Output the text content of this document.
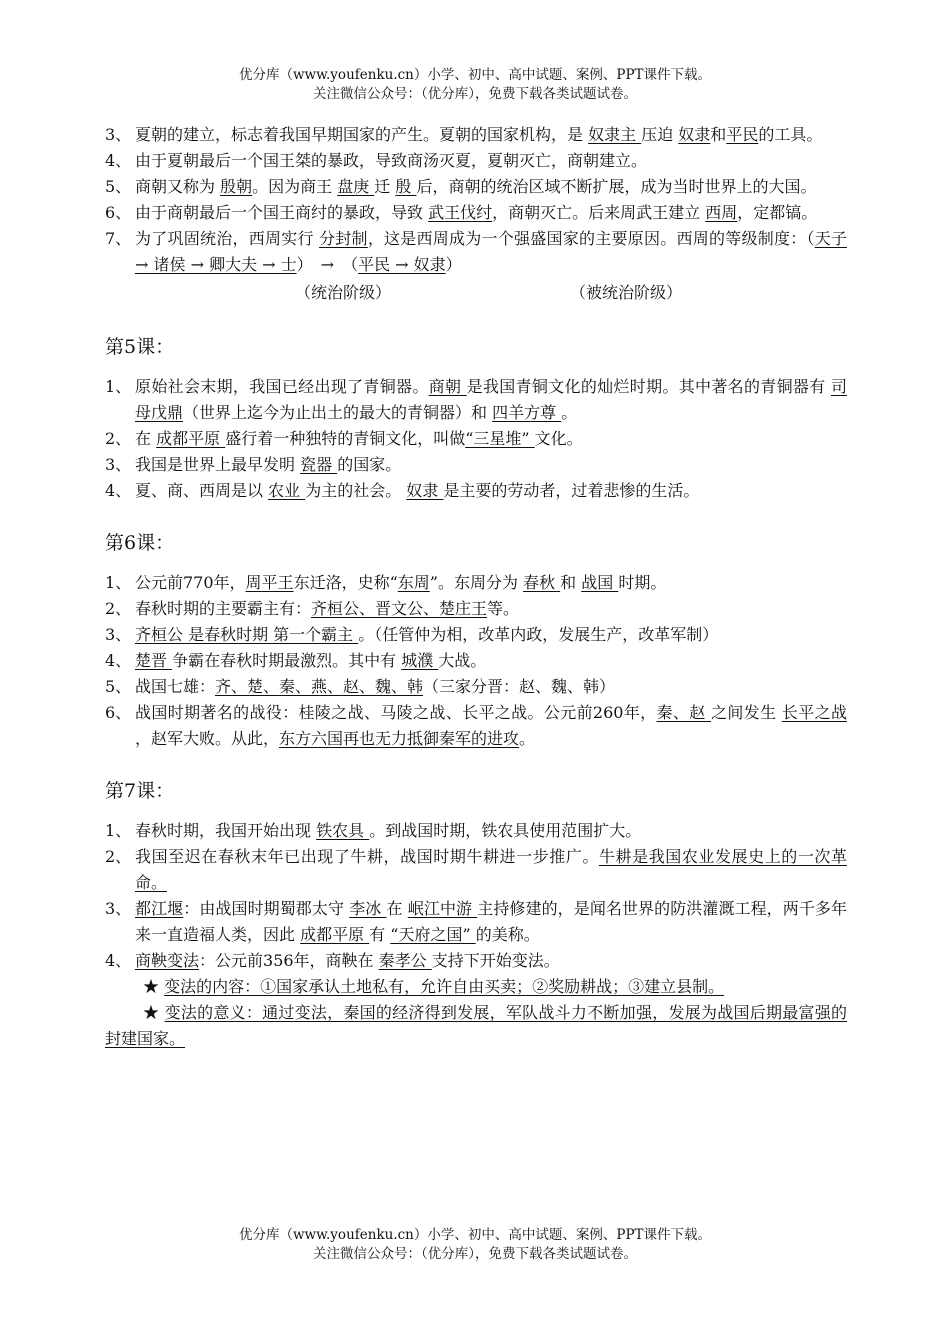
优分库（www.youfenku.cn）小学、初中、高中试题、案例、PPT课件下载。
关注微信公众号：（优分库），免费下载各类试题试卷。
3、 夏朝的建立，标志着我国早期国家的产生。夏朝的国家机构，是 奴隶主 压迫 奴隶和平民的工具。
4、 由于夏朝最后一个国王桀的暴政，导致商汤灭夏，夏朝灭亡，商朝建立。
5、 商朝又称为 殷朝。因为商王 盘庚 迁 殷 后，商朝的统治区域不断扩展，成为当时世界上的大国。
6、 由于商朝最后一个国王商纣的暴政，导致 武王伐纣，商朝灭亡。后来周武王建立 西周，定都镐。
7、 为了巩固统治，西周实行 分封制，这是西周成为一个强盛国家的主要原因。西周的等级制度：（天子 → 诸侯 → 卿大夫 → 士）　→　（平民 → 奴隶）
（统治阶级）	（被统治阶级）
第5课：
1、 原始社会末期，我国已经出现了青铜器。商朝 是我国青铜文化的灿烂时期。其中著名的青铜器有 司母戊鼎（世界上迄今为止出土的最大的青铜器）和 四羊方尊 。
2、 在 成都平原 盛行着一种独特的青铜文化，叫做“三星堆” 文化。
3、 我国是世界上最早发明 瓷器 的国家。
4、 夏、商、西周是以 农业 为主的社会。 奴隶 是主要的劳动者，过着悲惨的生活。
第6课：
1、 公元前770年，周平王东迁洛，史称“东周”。东周分为 春秋 和 战国 时期。
2、 春秋时期的主要霸主有：齐桓公、晋文公、楚庄王等。
3、 齐桓公 是春秋时期 第一个霸主 。（任管仲为相，改革内政，发展生产，改革军制）
4、 楚晋 争霸在春秋时期最激烈。其中有 城濮 大战。
5、 战国七雄：齐、楚、秦、燕、赵、魏、韩（三家分晋：赵、魏、韩）
6、 战国时期著名的战役：桂陵之战、马陵之战、长平之战。公元前260年，秦、赵 之间发生 长平之战 ，赵军大败。从此，东方六国再也无力抵御秦军的进攻。
第7课：
1、 春秋时期，我国开始出现 铁农具 。到战国时期，铁农具使用范围扩大。
2、 我国至迟在春秋末年已出现了牛耕，战国时期牛耕进一步推广。牛耕是我国农业发展史上的一次革命。
3、 都江堰：由战国时期蜀郡太守 李冰 在 岷江中游 主持修建的，是闻名世界的防洪灌溉工程，两千多年来一直造福人类，因此 成都平原 有 “天府之国” 的美称。
4、 商鞅变法：公元前356年，商鞅在 秦孝公 支持下开始变法。
★ 变法的内容：①国家承认土地私有，允许自由买卖；②奖励耕战；③建立县制。
★ 变法的意义：通过变法，秦国的经济得到发展，军队战斗力不断加强，发展为战国后期最富强的封建国家。
优分库（www.youfenku.cn）小学、初中、高中试题、案例、PPT课件下载。
关注微信公众号：（优分库），免费下载各类试题试卷。
